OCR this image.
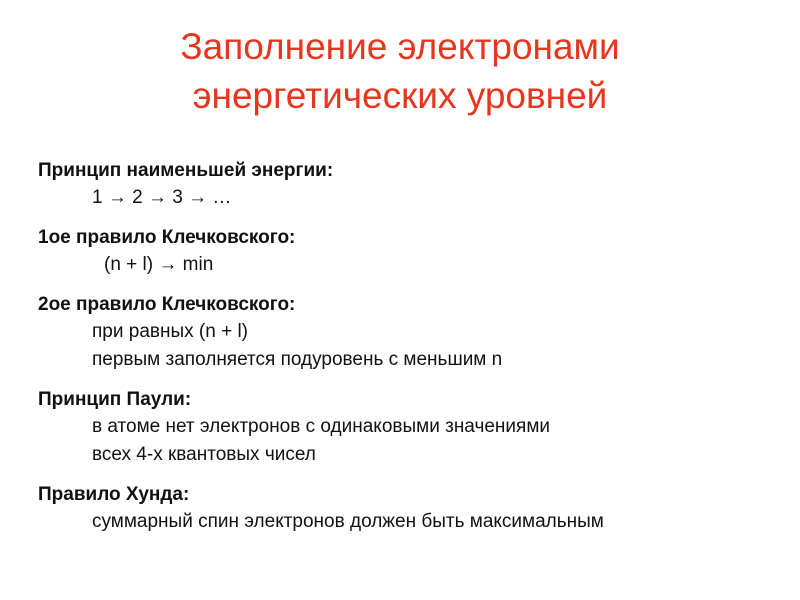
Заполнение электронами
энергетических уровней
Принцип наименьшей энергии:
1 → 2 → 3 → …
1ое правило Клечковского:
(n + l) → min
2ое правило Клечковского:
при равных (n + l)
первым заполняется подуровень с меньшим n
Принцип Паули:
в атоме нет электронов с одинаковыми значениями
всех 4-х квантовых чисел
Правило Хунда:
суммарный спин электронов должен быть максимальным
